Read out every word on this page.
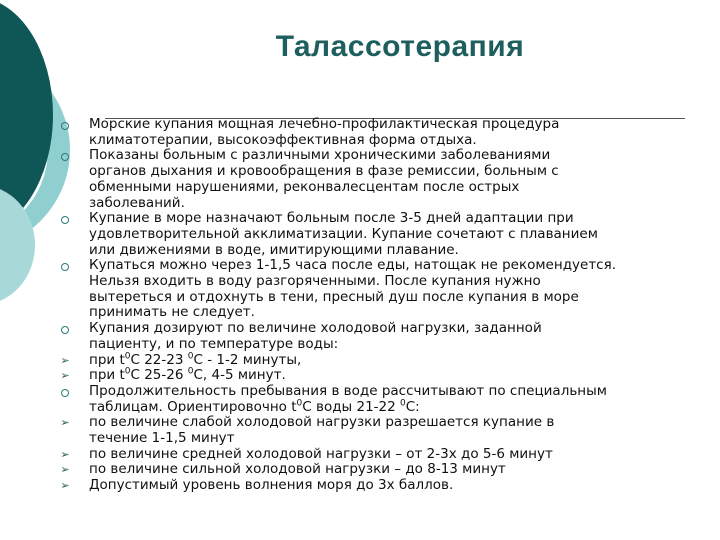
Талассотерапия
Морские купания мощная лечебно-профилактическая процедура
климатотерапии, высокоэффективная форма отдыха.
Показаны больным с различными хроническими заболеваниями
органов дыхания и кровообращения в фазе ремиссии, больным с
обменными нарушениями, реконвалесцентам после острых
заболеваний.
Купание в море назначают больным после 3-5 дней адаптации при
удовлетворительной акклиматизации. Купание сочетают с плаванием
или движениями в воде, имитирующими плавание.
Купаться можно через 1-1,5 часа после еды, натощак не рекомендуется.
Нельзя входить в воду разгоряченными. После купания нужно
вытереться и отдохнуть в тени, пресный душ после купания в море
принимать не следует.
Купания дозируют по величине холодовой нагрузки, заданной
пациенту, и по температуре воды:
➢ при $t^0C$ 22-23 $^0$C - 1-2 минуты,
➢ при $t^0C$ 25-26 $^0$C, 4-5 минут.
Продолжительность пребывания в воде рассчитывают по специальным
таблицам. Ориентировочно $t^0C$ воды 21-22 $^0$C:
➢ по величине слабой холодовой нагрузки разрешается купание в
течение 1-1,5 минут
➢ по величине средней холодовой нагрузки – от 2-3х до 5-6 минут
➢ по величине сильной холодовой нагрузки – до 8-13 минут
➢ Допустимый уровень волнения моря до 3х баллов.
